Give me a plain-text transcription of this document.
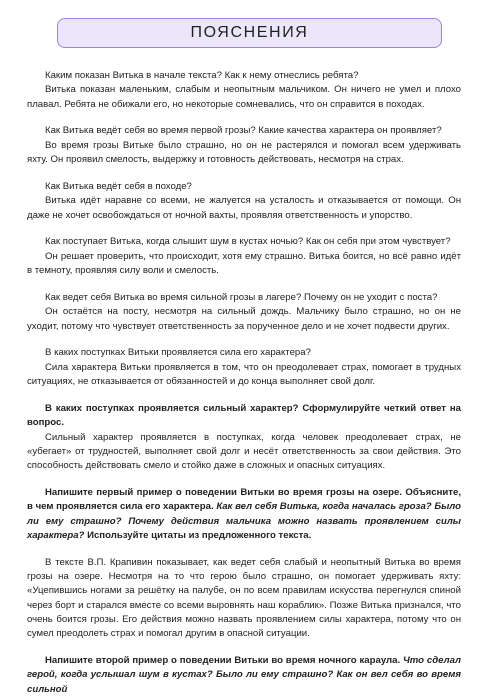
ПОЯСНЕНИЯ

Каким показан Витька в начале текста? Как к нему отнеслись ребята?

Витька показан маленьким, слабым и неопытным мальчиком. Он ничего не умел и плохо плавал. Ребята не обижали его, но некоторые сомневались, что он справится в походах.

Как Витька ведёт себя во время первой грозы? Какие качества характера он проявляет?

Во время грозы Витьке было страшно, но он не растерялся и помогал всем удерживать яхту. Он проявил смелость, выдержку и готовность действовать, несмотря на страх.

Как Витька ведёт себя в походе?

Витька идёт наравне со всеми, не жалуется на усталость и отказывается от помощи. Он даже не хочет освобождаться от ночной вахты, проявляя ответственность и упорство.

Как поступает Витька, когда слышит шум в кустах ночью? Как он себя при этом чувствует?

Он решает проверить, что происходит, хотя ему страшно. Витька боится, но всё равно идёт в темноту, проявляя силу воли и смелость.

Как ведет себя Витька во время сильной грозы в лагере? Почему он не уходит с поста?

Он остаётся на посту, несмотря на сильный дождь. Мальчику было страшно, но он не уходит, потому что чувствует ответственность за порученное дело и не хочет подвести других.

В каких поступках Витьки проявляется сила его характера?

Сила характера Витьки проявляется в том, что он преодолевает страх, помогает в трудных ситуациях, не отказывается от обязанностей и до конца выполняет свой долг.

В каких поступках проявляется сильный характер? Сформулируйте четкий ответ на вопрос.

Сильный характер проявляется в поступках, когда человек преодолевает страх, не «убегает» от трудностей, выполняет свой долг и несёт ответственность за свои действия. Это способность действовать смело и стойко даже в сложных и опасных ситуациях.

Напишите первый пример о поведении Витьки во время грозы на озере. Объясните, в чем проявляется сила его характера. Как вел себя Витька, когда началась гроза? Было ли ему страшно? Почему действия мальчика можно назвать проявлением силы характера? Используйте цитаты из предложенного текста.

В тексте В.П. Крапивин показывает, как ведет себя слабый и неопытный Витька во время грозы на озере. Несмотря на то что герою было страшно, он помогает удерживать яхту: «Уцепившись ногами за решётку на палубе, он по всем правилам искусства перегнулся спиной через борт и старался вместе со всеми выровнять наш кораблик». Позже Витька признался, что очень боится грозы. Его действия можно назвать проявлением силы характера, потому что он сумел преодолеть страх и помогал другим в опасной ситуации.

Напишите второй пример о поведении Витьки во время ночного караула. Что сделал герой, когда услышал шум в кустах? Было ли ему страшно? Как он вел себя во время сильной
